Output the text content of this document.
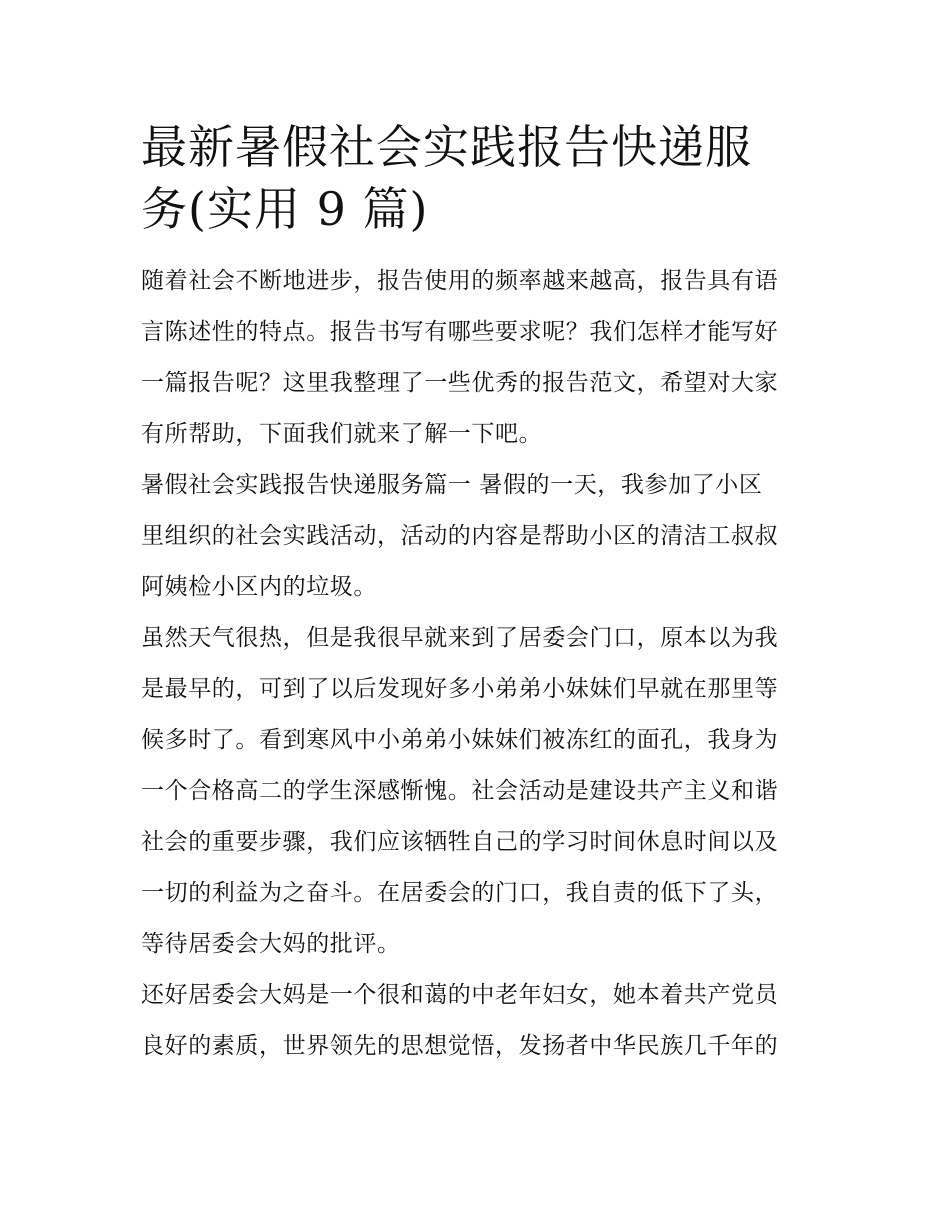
最新暑假社会实践报告快递服
务(实用 9 篇)

随着社会不断地进步，报告使用的频率越来越高，报告具有语
言陈述性的特点。报告书写有哪些要求呢？我们怎样才能写好
一篇报告呢？这里我整理了一些优秀的报告范文，希望对大家
有所帮助，下面我们就来了解一下吧。

暑假社会实践报告快递服务篇一 暑假的一天，我参加了小区
里组织的社会实践活动，活动的内容是帮助小区的清洁工叔叔
阿姨检小区内的垃圾。

虽然天气很热，但是我很早就来到了居委会门口，原本以为我
是最早的，可到了以后发现好多小弟弟小妹妹们早就在那里等
候多时了。看到寒风中小弟弟小妹妹们被冻红的面孔，我身为
一个合格高二的学生深感惭愧。社会活动是建设共产主义和谐
社会的重要步骤，我们应该牺牲自己的学习时间休息时间以及
一切的利益为之奋斗。在居委会的门口，我自责的低下了头，
等待居委会大妈的批评。

还好居委会大妈是一个很和蔼的中老年妇女，她本着共产党员
良好的素质，世界领先的思想觉悟，发扬者中华民族几千年的
